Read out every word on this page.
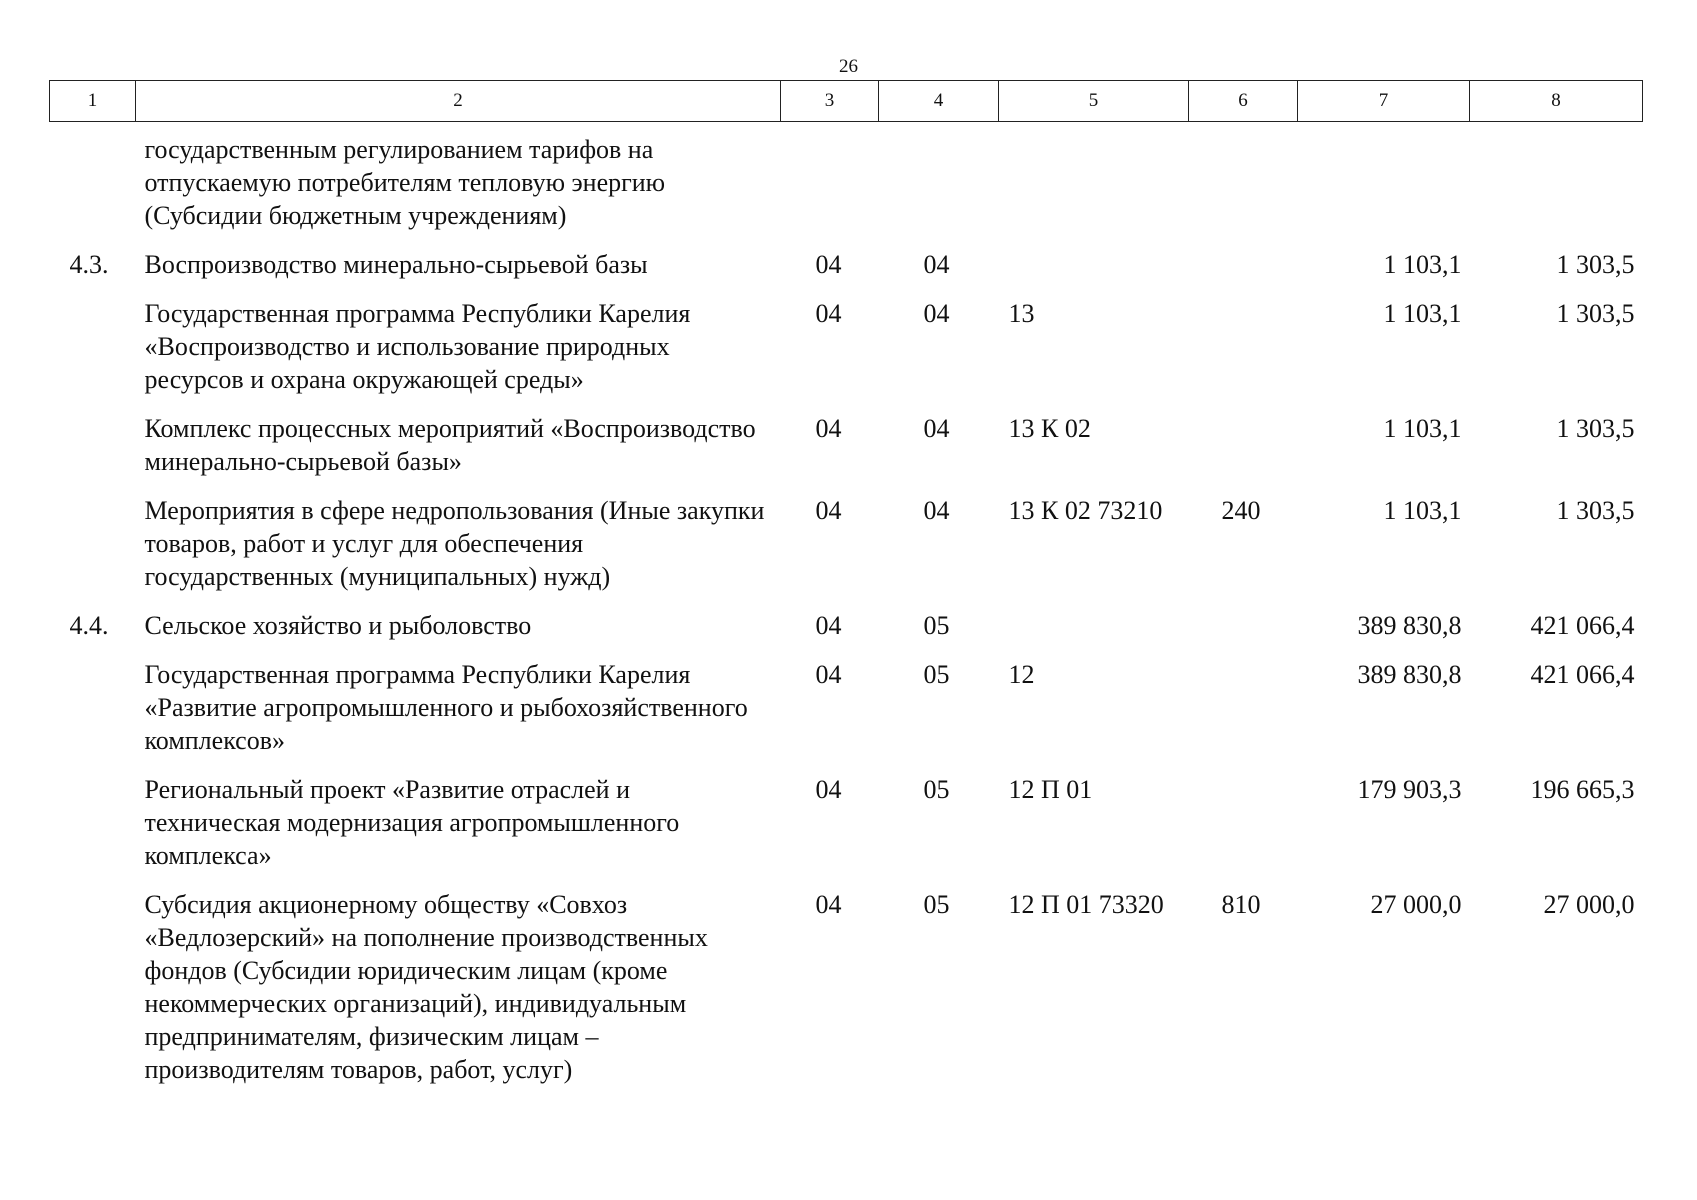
26
1	2	3	4	5	6	7	8
	государственным регулированием тарифов на отпускаемую потребителям тепловую энергию (Субсидии бюджетным учреждениям)						
4.3.	Воспроизводство минерально-сырьевой базы	04	04			1 103,1	1 303,5
	Государственная программа Республики Карелия «Воспроизводство и использование природных ресурсов и охрана окружающей среды»	04	04	13		1 103,1	1 303,5
	Комплекс процессных мероприятий «Воспроизводство минерально-сырьевой базы»	04	04	13 К 02		1 103,1	1 303,5
	Мероприятия в сфере недропользования (Иные закупки товаров, работ и услуг для обеспечения государственных (муниципальных) нужд)	04	04	13 К 02 73210	240	1 103,1	1 303,5
4.4.	Сельское хозяйство и рыболовство	04	05			389 830,8	421 066,4
	Государственная программа Республики Карелия «Развитие агропромышленного и рыбохозяйственного комплексов»	04	05	12		389 830,8	421 066,4
	Региональный проект «Развитие отраслей и техническая модернизация агропромышленного комплекса»	04	05	12 П 01		179 903,3	196 665,3
	Субсидия акционерному обществу «Совхоз «Ведлозерский» на пополнение производственных фондов (Субсидии юридическим лицам (кроме некоммерческих организаций), индивидуальным предпринимателям, физическим лицам – производителям товаров, работ, услуг)	04	05	12 П 01 73320	810	27 000,0	27 000,0
